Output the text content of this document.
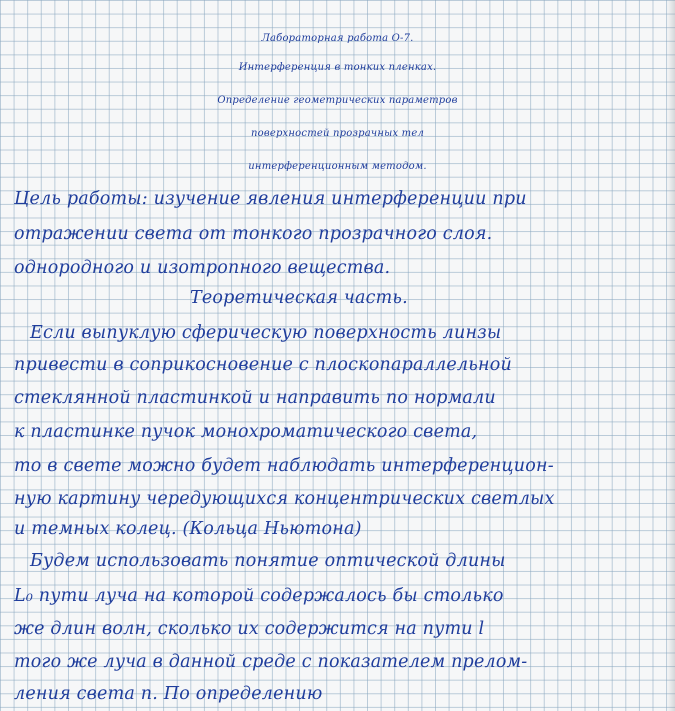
Лабораторная работа О-7.

Интерференция в тонких пленках.

Определение геометрических параметров

поверхностей прозрачных тел

интерференционным методом.

Цель работы: изучение явления интерференции при

отражении света от тонкого прозрачного слоя.

однородного и изотропного вещества.

Теоретическая часть.

Если выпуклую сферическую поверхность линзы

привести в соприкосновение с плоскопараллельной

стеклянной пластинкой и направить по нормали

к пластинке пучок монохроматического света,

то в свете можно будет наблюдать интерференцион-

ную картину чередующихся концентрических светлых

и темных колец. (Кольца Ньютона)

Будем использовать понятие оптической длины

L₀ пути луча на которой содержалось бы столько

же длин волн, сколько их содержится на пути l

того же луча в данной среде с показателем прелом-

ления света n. По определению
